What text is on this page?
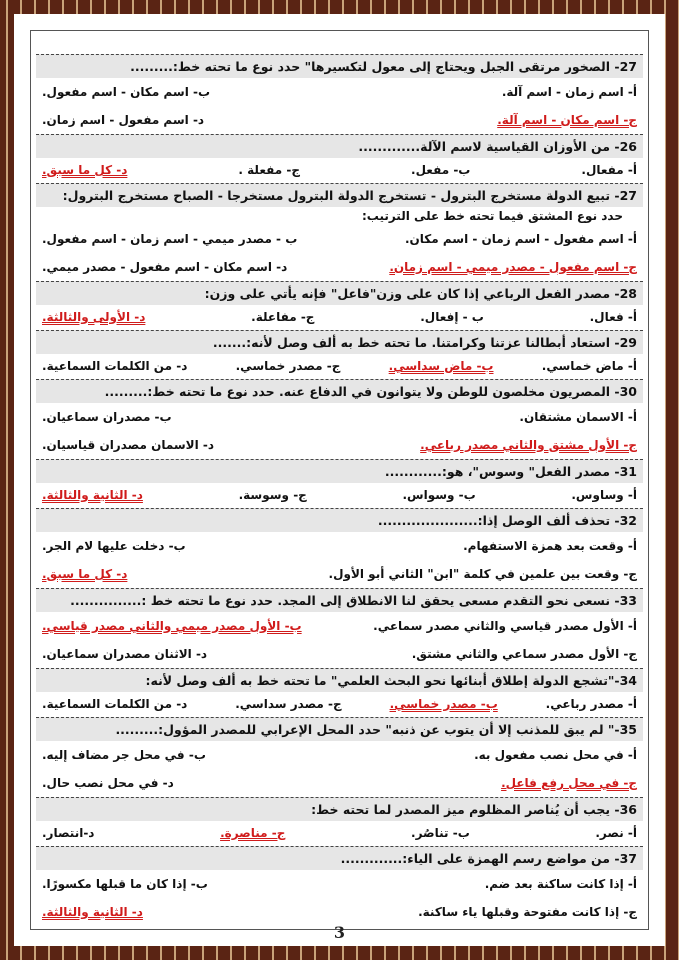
27- الصخور مرتقى الجبل ويحتاج إلى معول لتكسيرها" حدد نوع ما تحته خط:.........
أ- اسم زمان - اسم آلة.
ب- اسم مكان - اسم مفعول.
ج- اسم مكان - اسم آلة.
د- اسم مفعول - اسم زمان.
26- من الأوزان القياسية لاسم الآلة.............
أ- مفعال.
ب- مفعل.
ج- مفعلة .
د- كل ما سبق.
27- تبيع الدولة مستخرج البترول - تستخرج الدولة البترول مستخرجا - الصباح مستخرج البترول:
حدد نوع المشتق فيما تحته خط على الترتيب:
أ- اسم مفعول - اسم زمان - اسم مكان.
ب - مصدر ميمي - اسم زمان - اسم مفعول.
ج- اسم مفعول - مصدر ميمي - اسم زمان.
د- اسم مكان - اسم مفعول - مصدر ميمي.
28- مصدر الفعل الرباعي إذا كان على وزن"فاعل" فإنه يأتي على وزن:
أ- فعال.
ب - إفعال.
ج- مفاعلة.
د- الأولى والثالثة.
29- استعاد أبطالنا عزتنا وكرامتنا. ما تحته خط به ألف وصل لأنه:.......
أ- ماض خماسي.
ب- ماض سداسي.
ج- مصدر خماسي.
د- من الكلمات السماعية.
30- المصريون مخلصون للوطن ولا يتوانون في الدفاع عنه. حدد نوع ما تحته خط:.........
أ- الاسمان مشتقان.
ب- مصدران سماعيان.
ج- الأول مشتق والثاني مصدر رباعي.
د- الاسمان مصدران قياسيان.
31- مصدر الفعل" وسوس"، هو:............
أ- وساوس.
ب- وسواس.
ج- وسوسة.
د- الثانية والثالثة.
32- تحذف ألف الوصل إذا:.....................
أ- وقعت بعد همزة الاستفهام.
ب- دخلت عليها لام الجر.
ج- وقعت بين علمين في كلمة "ابن" الثاني أبو الأول.
د- كل ما سبق.
33- نسعى نحو التقدم مسعى يحقق لنا الانطلاق إلى المجد. حدد نوع ما تحته خط :...............
أ- الأول مصدر قياسي والثاني مصدر سماعي.
ب- الأول مصدر ميمي والثاني مصدر قياسي.
ج- الأول مصدر سماعي والثاني مشتق.
د- الاثنان مصدران سماعيان.
34-"تشجع الدولة إطلاق أبنائها نحو البحث العلمي" ما تحته خط به ألف وصل لأنه:
أ- مصدر رباعي.
ب- مصدر خماسي.
ج- مصدر سداسي.
د- من الكلمات السماعية.
35-" لم يبق للمذنب إلا أن يتوب عن ذنبه" حدد المحل الإعرابي للمصدر المؤول:.........
أ- في محل نصب مفعول به.
ب- في محل جر مضاف إليه.
ج- في محل رفع فاعل.
د- في محل نصب حال.
36- يجب أن يُناصر المظلوم ميز المصدر لما تحته خط:
أ- نصر.
ب- تناصُر.
ج- مناصرة.
د-انتصار.
37- من مواضع رسم الهمزة على الياء:.............
أ- إذا كانت ساكنة بعد ضم.
ب- إذا كان ما قبلها مكسورًا.
ج- إذا كانت مفتوحة وقبلها ياء ساكنة.
د- الثانية والثالثة.
3
